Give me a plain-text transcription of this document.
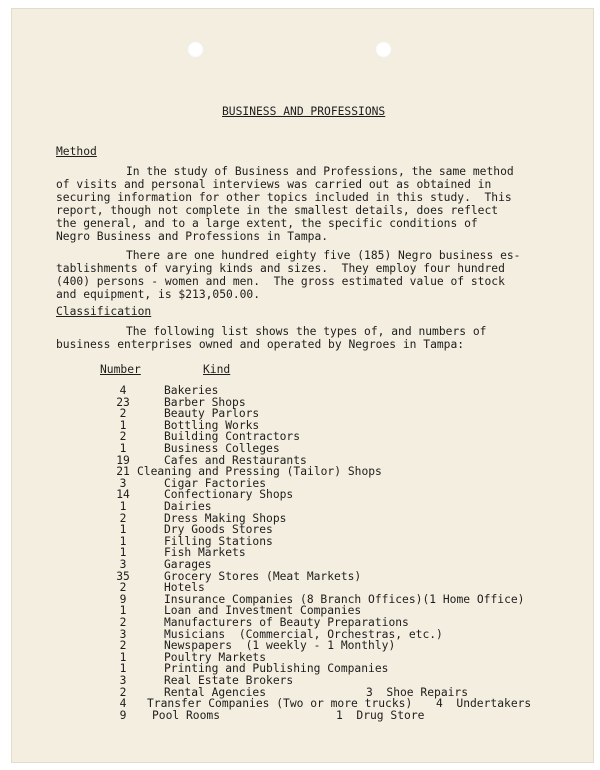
BUSINESS AND PROFESSIONS
Method
In the study of Business and Professions, the same method
of visits and personal interviews was carried out as obtained in
securing information for other topics included in this study.  This
report, though not complete in the smallest details, does reflect
the general, and to a large extent, the specific conditions of
Negro Business and Professions in Tampa.
There are one hundred eighty five (185) Negro business es-
tablishments of varying kinds and sizes.  They employ four hundred
(400) persons - women and men.  The gross estimated value of stock
and equipment, is $213,050.00.
Classification
The following list shows the types of, and numbers of
business enterprises owned and operated by Negroes in Tampa:
Number	Kind
4	Bakeries
23	Barber Shops
2	Beauty Parlors
1	Bottling Works
2	Building Contractors
1	Business Colleges
19	Cafes and Restaurants
21 Cleaning and Pressing (Tailor) Shops
3	Cigar Factories
14	Confectionary Shops
1	Dairies
2	Dress Making Shops
1	Dry Goods Stores
1	Filling Stations
1	Fish Markets
3	Garages
35	Grocery Stores (Meat Markets)
2	Hotels
9	Insurance Companies (8 Branch Offices)(1 Home Office)
1	Loan and Investment Companies
2	Manufacturers of Beauty Preparations
3	Musicians  (Commercial, Orchestras, etc.)
2	Newspapers  (1 weekly - 1 Monthly)
1	Poultry Markets
1	Printing and Publishing Companies
3	Real Estate Brokers
2	Rental Agencies	3  Shoe Repairs
4	Transfer Companies (Two or more trucks) 4  Undertakers
9	Pool Rooms	1  Drug Store
